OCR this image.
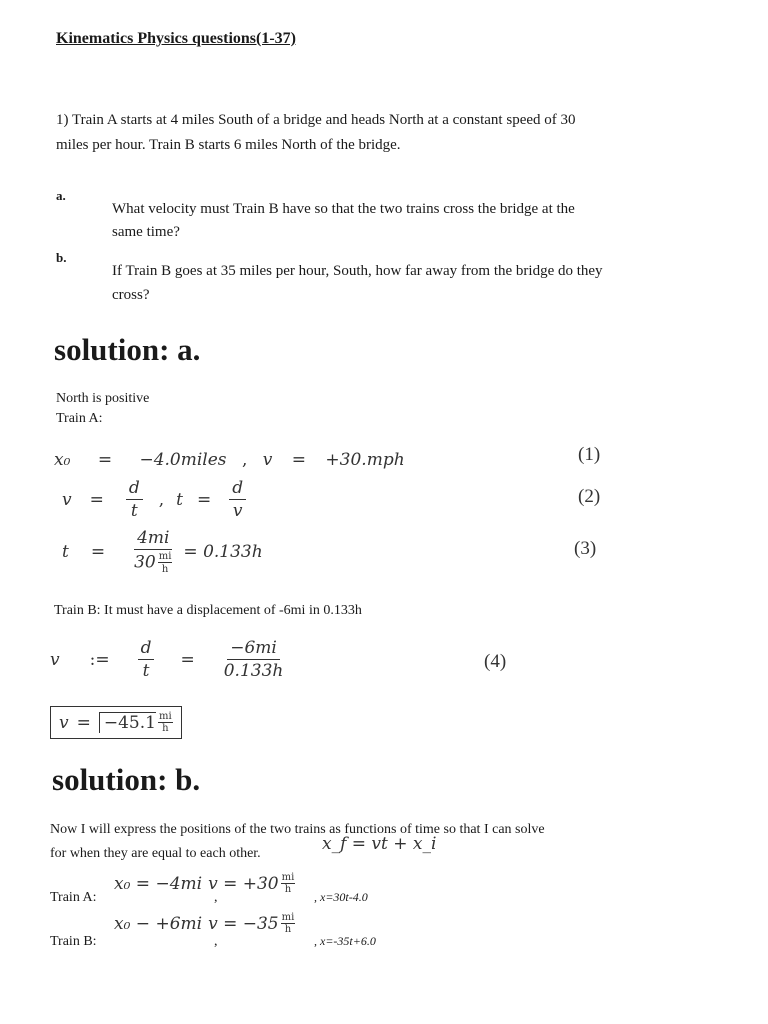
Kinematics Physics questions(1-37)
1) Train A starts at 4 miles South of a bridge and heads North at a constant speed of 30
miles per hour. Train B starts 6 miles North of the bridge.
a.
What velocity must Train B have so that the two trains cross the bridge at the
same time?
b.
If Train B goes at 35 miles per hour, South, how far away from the bridge do they
cross?
solution: a.
North is positive
Train A:
x₀ = −4.0miles , v = +30.mph	(1)
$v = \frac{d}{t}$ , $t = \frac{d}{v}$	(2)
$t = \frac{4mi}{30 \frac{mi}{h}} = 0.133h$	(3)
Train B: It must have a displacement of -6mi in 0.133h
v := $\frac{d}{t} = \frac{-6mi}{0.133h}$	(4)
$v = -45.1 \frac{mi}{h}$
solution: b.
Now I will express the positions of the two trains as functions of time so that I can solve
for when they are equal to each other.	x_f = vt + x_i
Train A:
x₀ = −4mi $v = +30 \frac{mi}{h}$
,	, x=30t-4.0
Train B:
x₀ − +6mi $v = -35 \frac{mi}{h}$
,	, x=-35t+6.0
